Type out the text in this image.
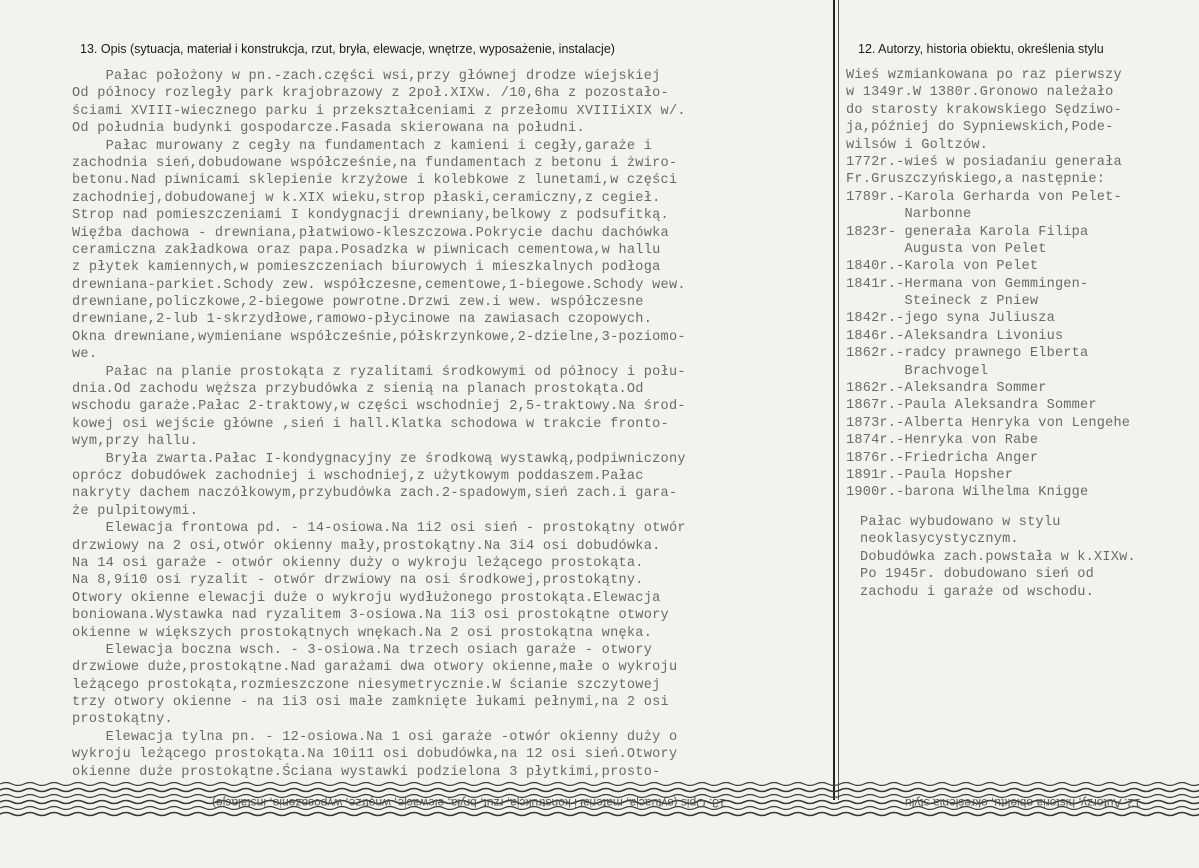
13. Opis (sytuacja, materiał i konstrukcja, rzut, bryła, elewacje, wnętrze, wyposażenie, instalacje)	12. Autorzy, historia obiektu, określenia stylu
Pałac położony w pn.-zach.części wsi,przy głównej drodze wiejskiej
Od północy rozległy park krajobrazowy z 2poł.XIXw. /10,6ha z pozostało-
ściami XVIII-wiecznego parku i przekształceniami z przełomu XVIIIiXIX w/.
Od południa budynki gospodarcze.Fasada skierowana na południ.
Pałac murowany z cegły na fundamentach z kamieni i cegły,garaże i
zachodnia sień,dobudowane współcześnie,na fundamentach z betonu i żwiro-
betonu.Nad piwnicami sklepienie krzyżowe i kolebkowe z lunetami,w części
zachodniej,dobudowanej w k.XIX wieku,strop płaski,ceramiczny,z cegieł.
Strop nad pomieszczeniami I kondygnacji drewniany,belkowy z podsufitką.
Więźba dachowa - drewniana,płatwiowo-kleszczowa.Pokrycie dachu dachówka
ceramiczna zakładkowa oraz papa.Posadzka w piwnicach cementowa,w hallu
z płytek kamiennych,w pomieszczeniach biurowych i mieszkalnych podłoga
drewniana-parkiet.Schody zew. współczesne,cementowe,1-biegowe.Schody wew.
drewniane,policzkowe,2-biegowe powrotne.Drzwi zew.i wew. współczesne
drewniane,2-lub 1-skrzydłowe,ramowo-płycinowe na zawiasach czopowych.
Okna drewniane,wymieniane współcześnie,półskrzynkowe,2-dzielne,3-poziomo-
we.
Pałac na planie prostokąta z ryzalitami środkowymi od północy i połu-
dnia.Od zachodu węższa przybudówka z sienią na planach prostokąta.Od
wschodu garaże.Pałac 2-traktowy,w części wschodniej 2,5-traktowy.Na środ-
kowej osi wejście główne ,sień i hall.Klatka schodowa w trakcie fronto-
wym,przy hallu.
Bryła zwarta.Pałac I-kondygnacyjny ze środkową wystawką,podpiwniczony
oprócz dobudówek zachodniej i wschodniej,z użytkowym poddaszem.Pałac
nakryty dachem naczółkowym,przybudówka zach.2-spadowym,sień zach.i gara-
że pulpitowymi.
Elewacja frontowa pd. - 14-osiowa.Na 1i2 osi sień - prostokątny otwór
drzwiowy na 2 osi,otwór okienny mały,prostokątny.Na 3i4 osi dobudówka.
Na 14 osi garaże - otwór okienny duży o wykroju leżącego prostokąta.
Na 8,9i10 osi ryzalit - otwór drzwiowy na osi środkowej,prostokątny.
Otwory okienne elewacji duże o wykroju wydłużonego prostokąta.Elewacja
boniowana.Wystawka nad ryzalitem 3-osiowa.Na 1i3 osi prostokątne otwory
okienne w większych prostokątnych wnękach.Na 2 osi prostokątna wnęka.
Elewacja boczna wsch. - 3-osiowa.Na trzech osiach garaże - otwory
drzwiowe duże,prostokątne.Nad garażami dwa otwory okienne,małe o wykroju
leżącego prostokąta,rozmieszczone niesymetrycznie.W ścianie szczytowej
trzy otwory okienne - na 1i3 osi małe zamknięte łukami pełnymi,na 2 osi
prostokątny.
Elewacja tylna pn. - 12-osiowa.Na 1 osi garaże -otwór okienny duży o
wykroju leżącego prostokąta.Na 10i11 osi dobudówka,na 12 osi sień.Otwory
okienne duże prostokątne.Ściana wystawki podzielona 3 płytkimi,prosto-
Wieś wzmiankowana po raz pierwszy
w 1349r.W 1380r.Gronowo należało
do starosty krakowskiego Sędziwo-
ja,później do Sypniewskich,Pode-
wilsów i Goltzów.
1772r.-wieś w posiadaniu generała
Fr.Gruszczyńskiego,a następnie:
1789r.-Karola Gerharda von Pelet-
Narbonne
1823r- generała Karola Filipa
Augusta von Pelet
1840r.-Karola von Pelet
1841r.-Hermana von Gemmingen-
Steineck z Pniew
1842r.-jego syna Juliusza
1846r.-Aleksandra Livonius
1862r.-radcy prawnego Elberta
Brachvogel
1862r.-Aleksandra Sommer
1867r.-Paula Aleksandra Sommer
1873r.-Alberta Henryka von Lengehe
1874r.-Henryka von Rabe
1876r.-Friedricha Anger
1891r.-Paula Hopsher
1900r.-barona Wilhelma Knigge
Pałac wybudowano w stylu
neoklasycystycznym.
Dobudówka zach.powstała w k.XIXw.
Po 1945r. dobudowano sień od
zachodu i garaże od wschodu.
13. Opis (sytuacja, materiał i konstrukcja, rzut, bryła, elewacje, wnętrze, wyposażenie, instalacje)	12. Autorzy, historia obiektu, określenia stylu
